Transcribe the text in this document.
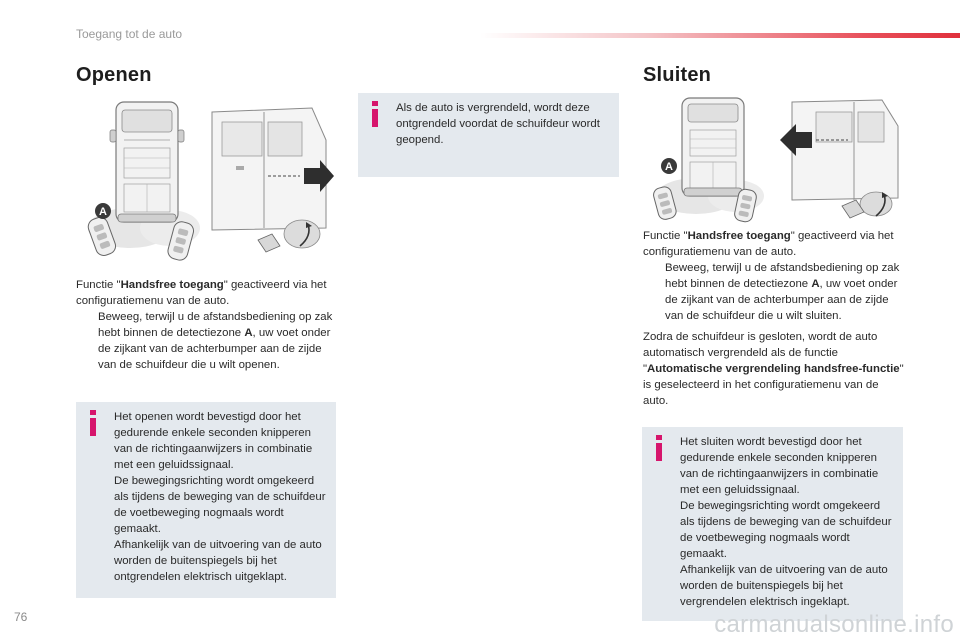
Toegang tot de auto
Openen
A

Functie "Handsfree toegang" geactiveerd via het configuratiemenu van de auto.

Beweeg, terwijl u de afstandsbediening op zak hebt binnen de detectiezone A, uw voet onder de zijkant van de achterbumper aan de zijde van de schuifdeur die u wilt openen.
Het openen wordt bevestigd door het gedurende enkele seconden knipperen van de richtingaanwijzers in combinatie met een geluidssignaal.
De bewegingsrichting wordt omgekeerd als tijdens de beweging van de schuifdeur de voetbeweging nogmaals wordt gemaakt.
Afhankelijk van de uitvoering van de auto worden de buitenspiegels bij het ontgrendelen elektrisch uitgeklapt.
Als de auto is vergrendeld, wordt deze ontgrendeld voordat de schuifdeur wordt geopend.
Sluiten
A

Functie "Handsfree toegang" geactiveerd via het configuratiemenu van de auto.

Beweeg, terwijl u de afstandsbediening op zak hebt binnen de detectiezone A, uw voet onder de zijkant van de achterbumper aan de zijde van de schuifdeur die u wilt sluiten.

Zodra de schuifdeur is gesloten, wordt de auto automatisch vergrendeld als de functie "Automatische vergrendeling handsfree-functie" is geselecteerd in het configuratiemenu van de auto.

Het sluiten wordt bevestigd door het gedurende enkele seconden knipperen van de richtingaanwijzers in combinatie met een geluidssignaal.
De bewegingsrichting wordt omgekeerd als tijdens de beweging van de schuifdeur de voetbeweging nogmaals wordt gemaakt.
Afhankelijk van de uitvoering van de auto worden de buitenspiegels bij het vergrendelen elektrisch ingeklapt.
76	carmanualsonline.info
